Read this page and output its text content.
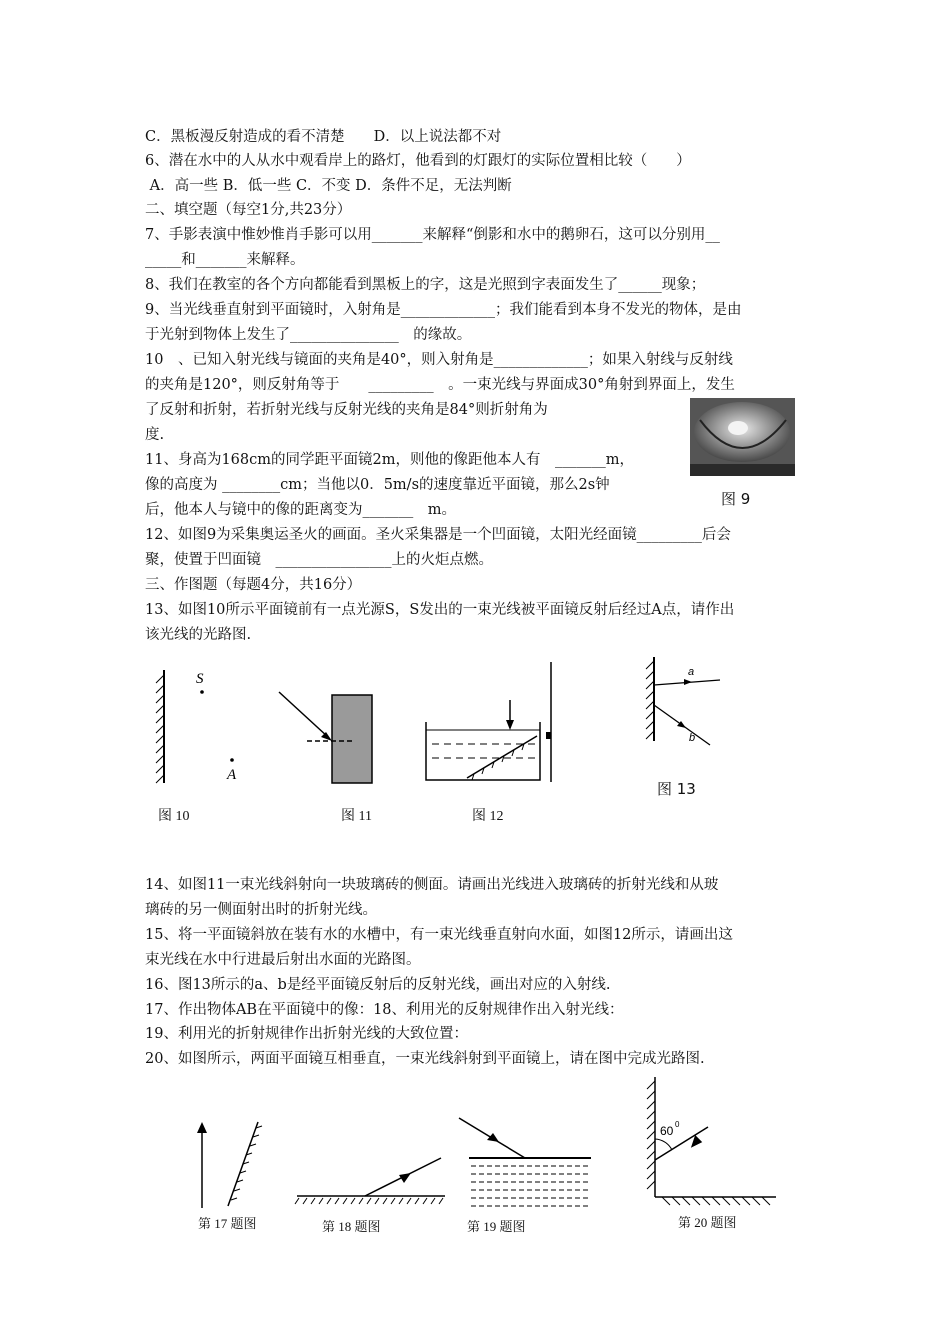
C．黑板漫反射造成的看不清楚　　D．以上说法都不对
6、潜在水中的人从水中观看岸上的路灯，他看到的灯跟灯的实际位置相比较（　　）
A．高一些 B．低一些 C．不变 D．条件不足，无法判断
二、填空题（每空1分,共23分）
7、手影表演中惟妙惟肖手影可以用_______来解释“倒影和水中的鹅卵石，这可以分别用__
_____和_______来解释。
8、我们在教室的各个方向都能看到黑板上的字，这是光照到字表面发生了______现象；
9、当光线垂直射到平面镜时，入射角是_____________；我们能看到本身不发光的物体，是由
于光射到物体上发生了_______________　的缘故。
10　、已知入射光线与镜面的夹角是40°，则入射角是_____________；如果入射线与反射线
的夹角是120°，则反射角等于　　_________　。一束光线与界面成30°角射到界面上，发生
了反射和折射，若折射光线与反射光线的夹角是84°则折射角为
度.
11、身高为168cm的同学距平面镜2m，则他的像距他本人有　_______m，
像的高度为 ________cm；当他以0．5m/s的速度靠近平面镜，那么2s钟
后，他本人与镜中的像的距离变为_______　m。
12、如图9为采集奥运圣火的画面。圣火采集器是一个凹面镜，太阳光经面镜_________后会
聚，使置于凹面镜　________________上的火炬点燃。
三、作图题（每题4分，共16分）
13、如图10所示平面镜前有一点光源S，S发出的一束光线被平面镜反射后经过A点，请作出
该光线的光路图.
14、如图11一束光线斜射向一块玻璃砖的侧面。请画出光线进入玻璃砖的折射光线和从玻
璃砖的另一侧面射出时的折射光线。
15、将一平面镜斜放在装有水的水槽中，有一束光线垂直射向水面，如图12所示，请画出这
束光线在水中行进最后射出水面的光路图。
16、图13所示的a、b是经平面镜反射后的反射光线，画出对应的入射线.
17、作出物体AB在平面镜中的像：18、利用光的反射规律作出入射光线：
19、利用光的折射规律作出折射光线的大致位置：
20、如图所示，两面平面镜互相垂直，一束光线斜射到平面镜上，请在图中完成光路图.
图 9
S
A
图 10	图 11	图 12
a
b
图 13
第 17 题图	第 18 题图	第 19 题图
60 0
第 20 题图
